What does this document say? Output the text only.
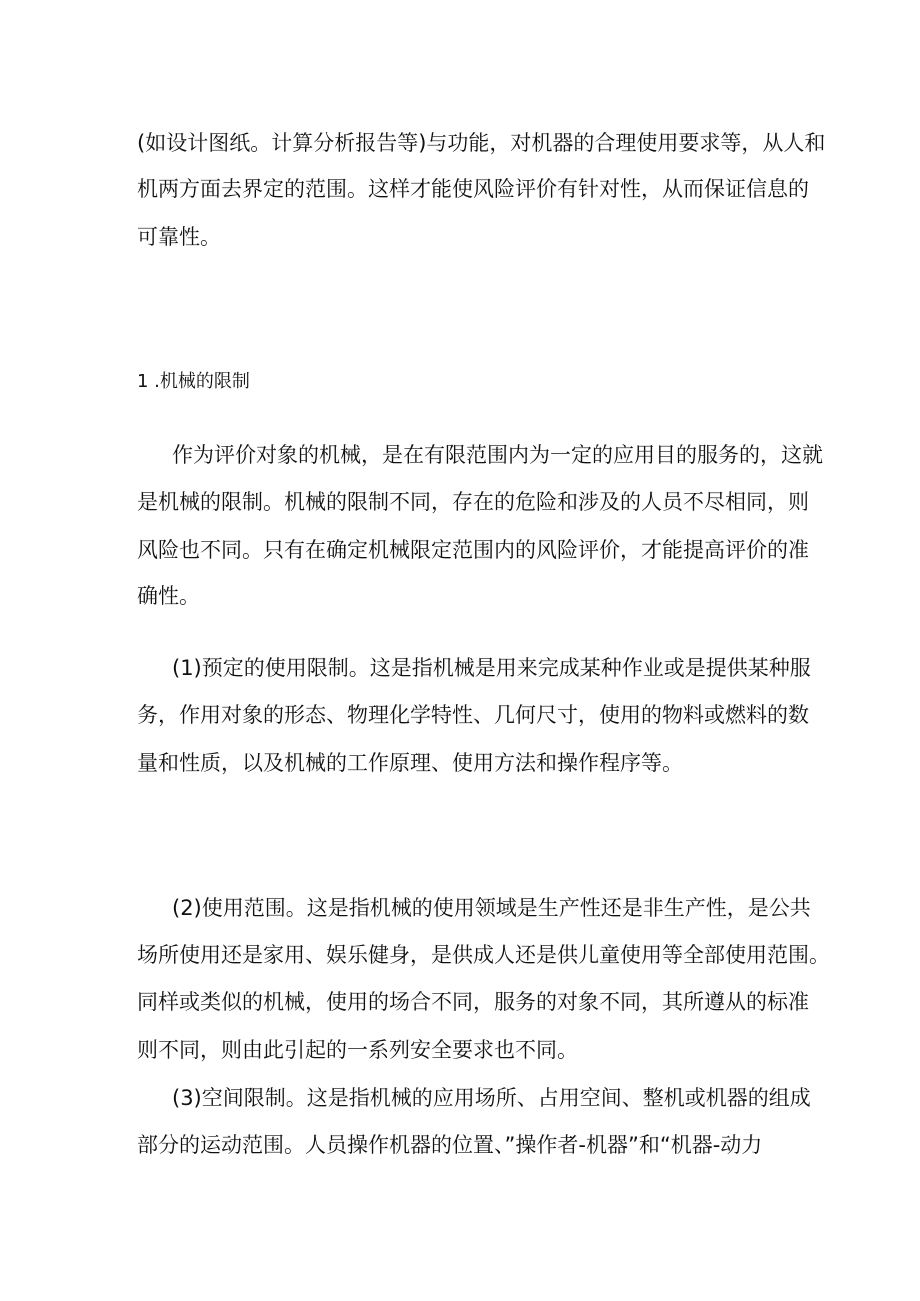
(如设计图纸。计算分析报告等)与功能，对机器的合理使用要求等，从人和
机两方面去界定的范围。这样才能使风险评价有针对性，从而保证信息的
可靠性。
1 .机械的限制
作为评价对象的机械，是在有限范围内为一定的应用目的服务的，这就
是机械的限制。机械的限制不同，存在的危险和涉及的人员不尽相同，则
风险也不同。只有在确定机械限定范围内的风险评价，才能提高评价的准
确性。
(1)预定的使用限制。这是指机械是用来完成某种作业或是提供某种服
务，作用对象的形态、物理化学特性、几何尺寸，使用的物料或燃料的数
量和性质，以及机械的工作原理、使用方法和操作程序等。
(2)使用范围。这是指机械的使用领域是生产性还是非生产性，是公共
场所使用还是家用、娱乐健身，是供成人还是供儿童使用等全部使用范围。
同样或类似的机械，使用的场合不同，服务的对象不同，其所遵从的标准
则不同，则由此引起的一系列安全要求也不同。
(3)空间限制。这是指机械的应用场所、占用空间、整机或机器的组成
部分的运动范围。人员操作机器的位置、”操作者-机器”和“机器-动力
